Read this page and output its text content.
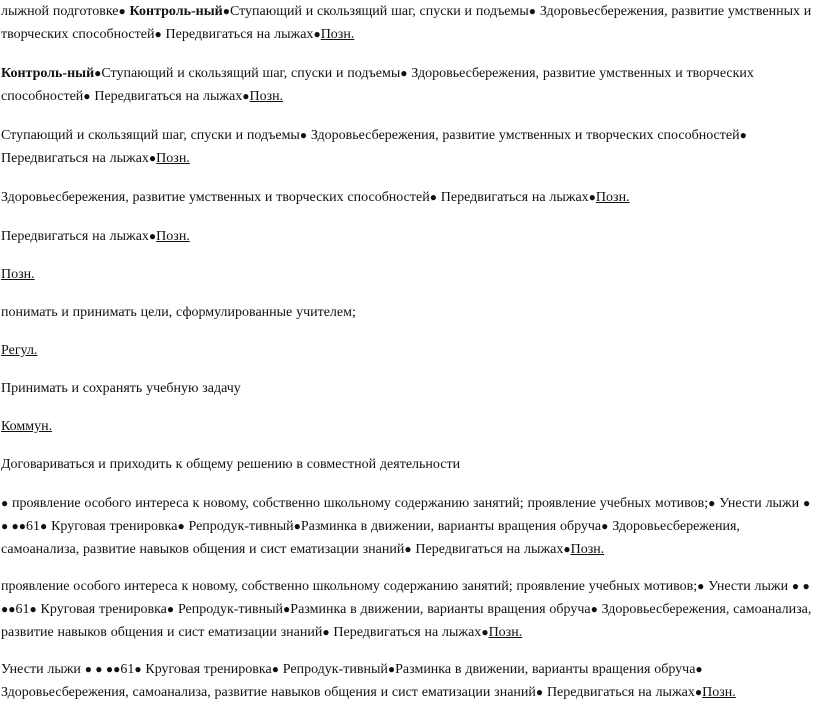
лыжной подготовке● Контроль-ный●Ступающий и скользящий шаг, спуски и подъемы● Здоровьесбережения, развитие умственных и творческих способностей● Передвигаться на лыжах●Позн.

Контроль-ный●Ступающий и скользящий шаг, спуски и подъемы● Здоровьесбережения, развитие умственных и творческих способностей● Передвигаться на лыжах●Позн.

Ступающий и скользящий шаг, спуски и подъемы● Здоровьесбережения, развитие умственных и творческих способностей● Передвигаться на лыжах●Позн.

Здоровьесбережения, развитие умственных и творческих способностей● Передвигаться на лыжах●Позн.

Передвигаться на лыжах●Позн.

Позн.

понимать и принимать цели, сформулированные учителем;

Регул.

Принимать и сохранять учебную задачу

Коммун.

Договариваться и приходить к общему решению в совместной деятельности

● проявление особого интереса к новому, собственно школьному содержанию занятий; проявление учебных мотивов;● Унести лыжи ● ● ●●61● Круговая тренировка● Репродук-тивный●Разминка в движении, варианты вращения обруча● Здоровьесбережения, самоанализа, развитие навыков общения и сист ематизации знаний● Передвигаться на лыжах●Позн.

проявление особого интереса к новому, собственно школьному содержанию занятий; проявление учебных мотивов;● Унести лыжи ● ● ●●61● Круговая тренировка● Репродук-тивный●Разминка в движении, варианты вращения обруча● Здоровьесбережения, самоанализа, развитие навыков общения и сист ематизации знаний● Передвигаться на лыжах●Позн.

Унести лыжи ● ● ●●61● Круговая тренировка● Репродук-тивный●Разминка в движении, варианты вращения обруча● Здоровьесбережения, самоанализа, развитие навыков общения и сист ематизации знаний● Передвигаться на лыжах●Позн.
